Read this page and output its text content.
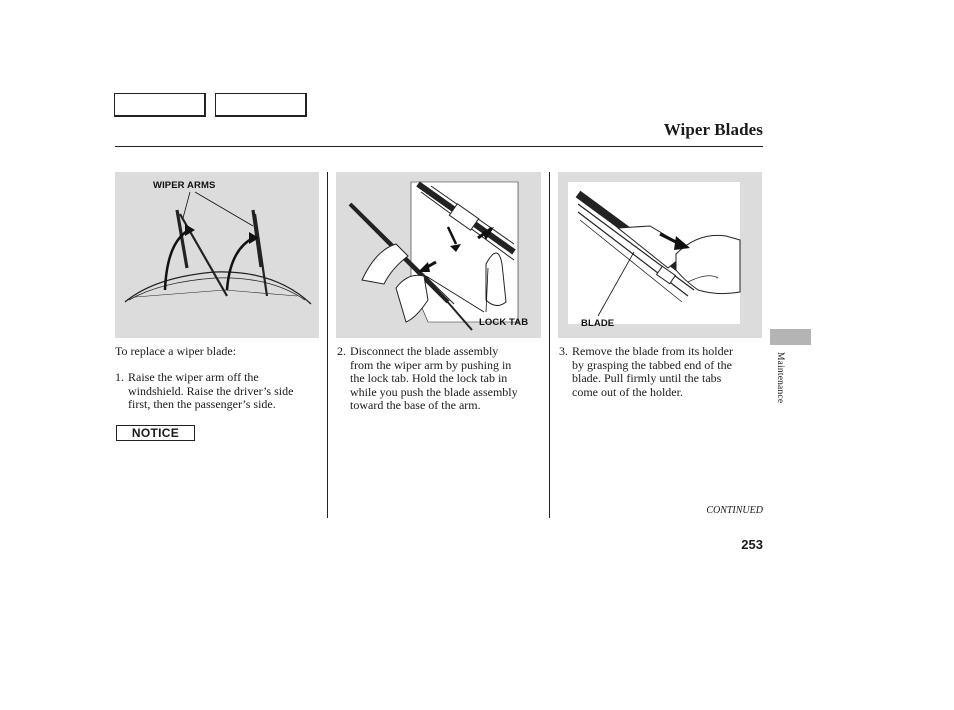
Wiper Blades
WIPER ARMS
LOCK TAB	BLADE
To replace a wiper blade:
1. Raise the wiper arm off the
windshield. Raise the driver’s side
first, then the passenger’s side.
NOTICE
2. Disconnect the blade assembly
from the wiper arm by pushing in
the lock tab. Hold the lock tab in
while you push the blade assembly
toward the base of the arm.
3. Remove the blade from its holder
by grasping the tabbed end of the
blade. Pull firmly until the tabs
come out of the holder.
CONTINUED
253
Maintenance
